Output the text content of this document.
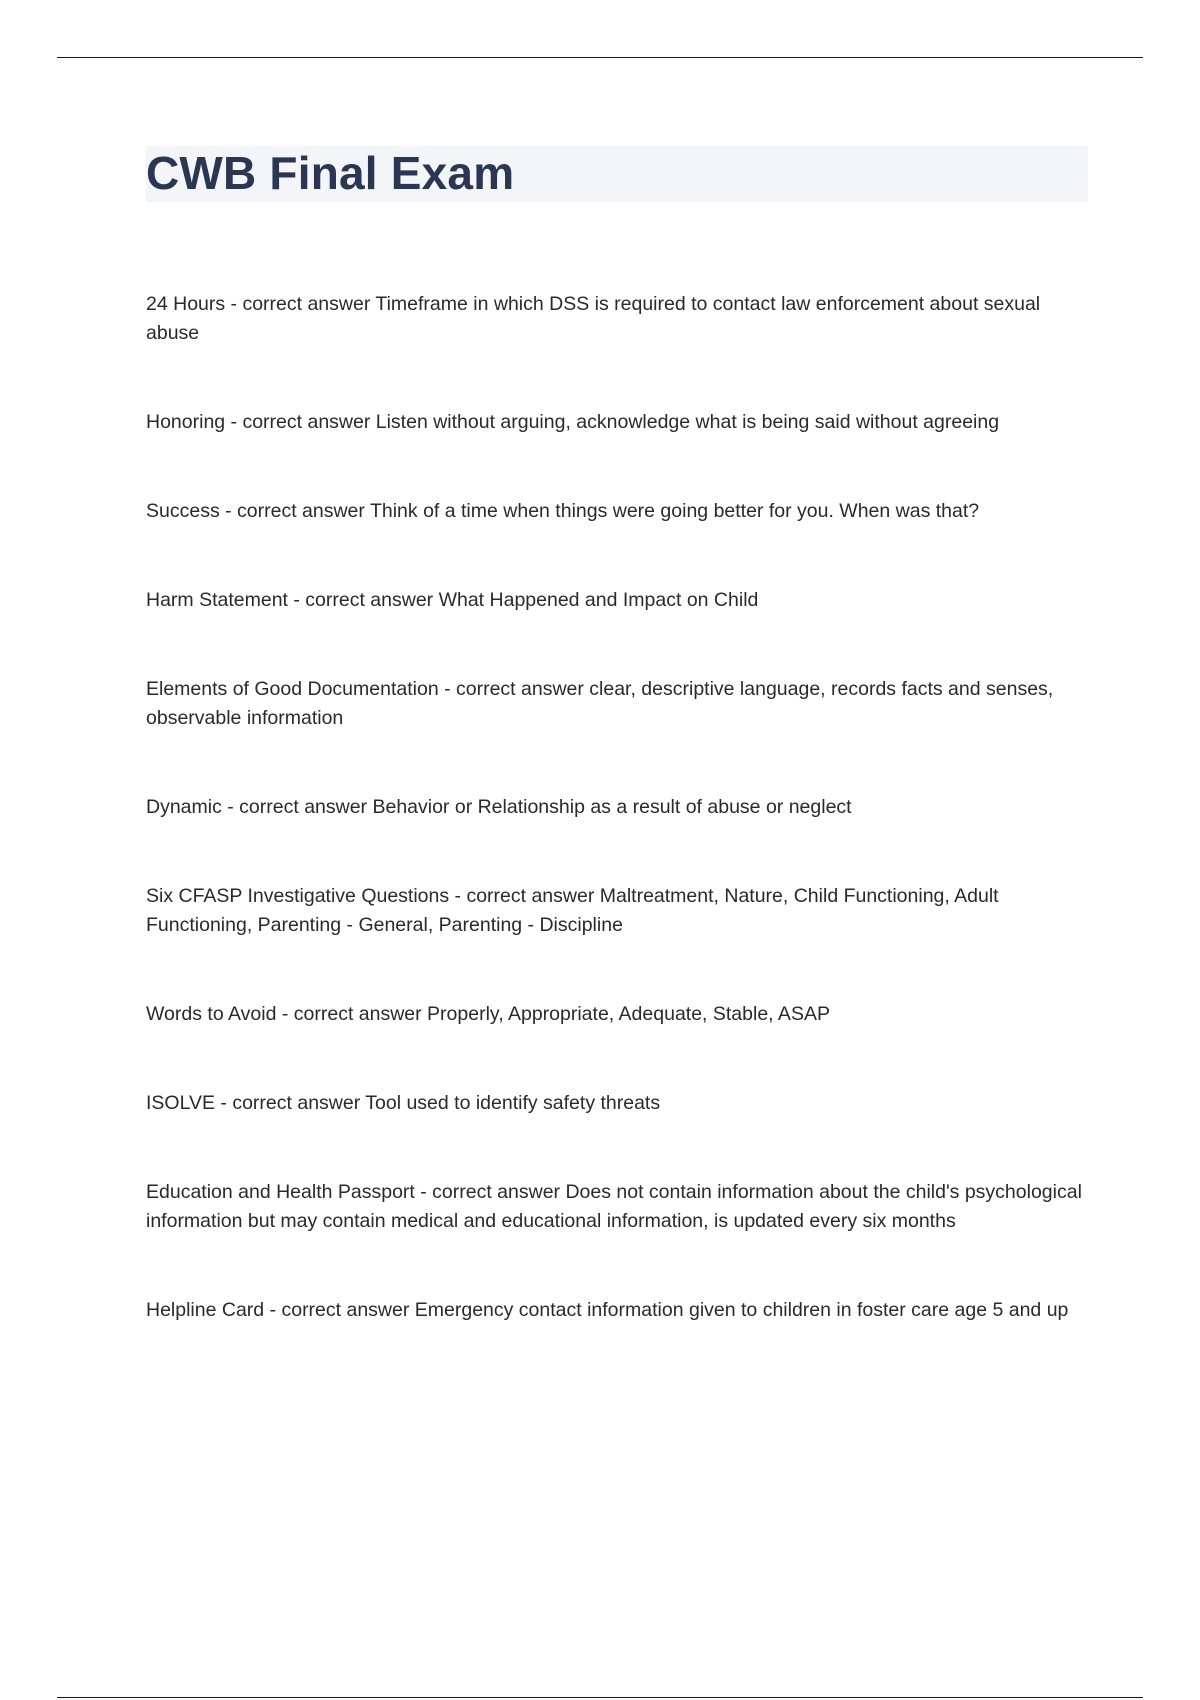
CWB Final Exam

24 Hours - correct answer Timeframe in which DSS is required to contact law enforcement about sexual abuse

Honoring - correct answer Listen without arguing, acknowledge what is being said without agreeing

Success - correct answer Think of a time when things were going better for you. When was that?

Harm Statement - correct answer What Happened and Impact on Child

Elements of Good Documentation - correct answer clear, descriptive language, records facts and senses, observable information

Dynamic - correct answer Behavior or Relationship as a result of abuse or neglect

Six CFASP Investigative Questions - correct answer Maltreatment, Nature, Child Functioning, Adult Functioning, Parenting - General, Parenting - Discipline

Words to Avoid - correct answer Properly, Appropriate, Adequate, Stable, ASAP

ISOLVE - correct answer Tool used to identify safety threats

Education and Health Passport - correct answer Does not contain information about the child's psychological information but may contain medical and educational information, is updated every six months

Helpline Card - correct answer Emergency contact information given to children in foster care age 5 and up
